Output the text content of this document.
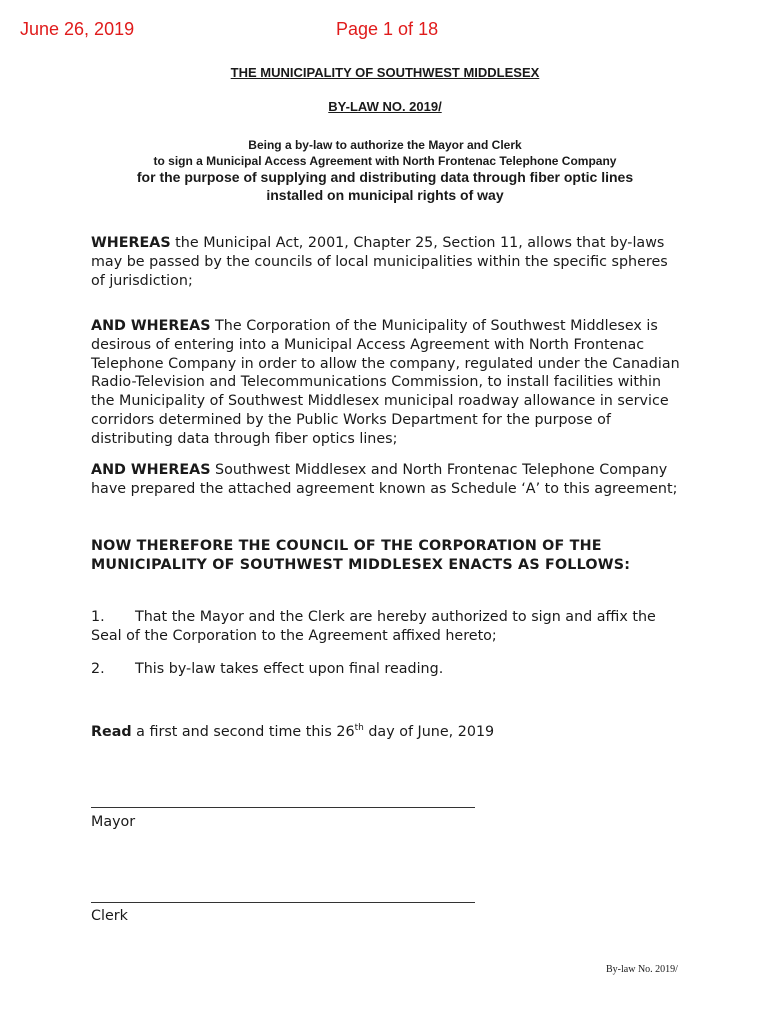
June 26, 2019	Page 1 of 18
THE MUNICIPALITY OF SOUTHWEST MIDDLESEX
BY-LAW NO. 2019/
Being a by-law to authorize the Mayor and Clerk
to sign a Municipal Access Agreement with North Frontenac Telephone Company
for the purpose of supplying and distributing data through fiber optic lines
installed on municipal rights of way
WHEREAS the Municipal Act, 2001, Chapter 25, Section 11, allows that by-laws may be passed by the councils of local municipalities within the specific spheres of jurisdiction;
AND WHEREAS The Corporation of the Municipality of Southwest Middlesex is desirous of entering into a Municipal Access Agreement with North Frontenac Telephone Company in order to allow the company, regulated under the Canadian Radio-Television and Telecommunications Commission, to install facilities within the Municipality of Southwest Middlesex municipal roadway allowance in service corridors determined by the Public Works Department for the purpose of distributing data through fiber optics lines;
AND WHEREAS Southwest Middlesex and North Frontenac Telephone Company have prepared the attached agreement known as Schedule ‘A’ to this agreement;
NOW THEREFORE THE COUNCIL OF THE CORPORATION OF THE MUNICIPALITY OF SOUTHWEST MIDDLESEX ENACTS AS FOLLOWS:
1. That the Mayor and the Clerk are hereby authorized to sign and affix the Seal of the Corporation to the Agreement affixed hereto;
2. This by-law takes effect upon final reading.
Read a first and second time this 26th day of June, 2019
Mayor
Clerk
By-law No. 2019/
